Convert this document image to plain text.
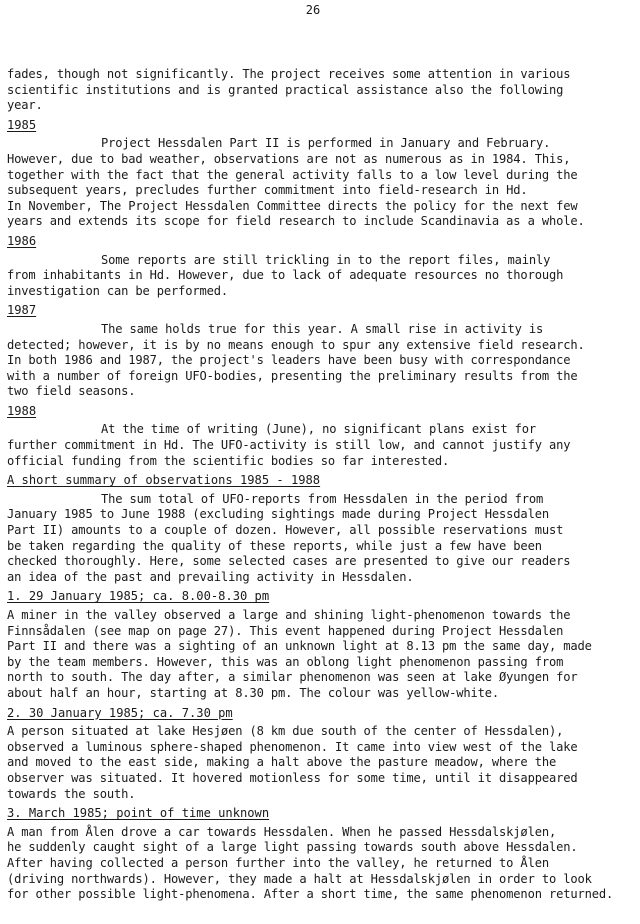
26
fades, though not significantly. The project receives some attention in various
scientific institutions and is granted practical assistance also the following
year.
1985
Project Hessdalen Part II is performed in January and February.
However, due to bad weather, observations are not as numerous as in 1984. This,
together with the fact that the general activity falls to a low level during the
subsequent years, precludes further commitment into field-research in Hd.
In November, The Project Hessdalen Committee directs the policy for the next few
years and extends its scope for field research to include Scandinavia as a whole.
1986
Some reports are still trickling in to the report files, mainly
from inhabitants in Hd. However, due to lack of adequate resources no thorough
investigation can be performed.
1987
The same holds true for this year. A small rise in activity is
detected; however, it is by no means enough to spur any extensive field research.
In both 1986 and 1987, the project's leaders have been busy with correspondance
with a number of foreign UFO-bodies, presenting the preliminary results from the
two field seasons.
1988
At the time of writing (June), no significant plans exist for
further commitment in Hd. The UFO-activity is still low, and cannot justify any
official funding from the scientific bodies so far interested.
A short summary of observations 1985 - 1988
The sum total of UFO-reports from Hessdalen in the period from
January 1985 to June 1988 (excluding sightings made during Project Hessdalen
Part II) amounts to a couple of dozen. However, all possible reservations must
be taken regarding the quality of these reports, while just a few have been
checked thoroughly. Here, some selected cases are presented to give our readers
an idea of the past and prevailing activity in Hessdalen.
1. 29 January 1985; ca. 8.00-8.30 pm
A miner in the valley observed a large and shining light-phenomenon towards the
Finnsådalen (see map on page 27). This event happened during Project Hessdalen
Part II and there was a sighting of an unknown light at 8.13 pm the same day, made
by the team members. However, this was an oblong light phenomenon passing from
north to south. The day after, a similar phenomenon was seen at lake Øyungen for
about half an hour, starting at 8.30 pm. The colour was yellow-white.
2. 30 January 1985; ca. 7.30 pm
A person situated at lake Hesjøen (8 km due south of the center of Hessdalen),
observed a luminous sphere-shaped phenomenon. It came into view west of the lake
and moved to the east side, making a halt above the pasture meadow, where the
observer was situated. It hovered motionless for some time, until it disappeared
towards the south.
3. March 1985; point of time unknown
A man from Ålen drove a car towards Hessdalen. When he passed Hessdalskjølen,
he suddenly caught sight of a large light passing towards south above Hessdalen.
After having collected a person further into the valley, he returned to Ålen
(driving northwards). However, they made a halt at Hessdalskjølen in order to look
for other possible light-phenomena. After a short time, the same phenomenon returned.
